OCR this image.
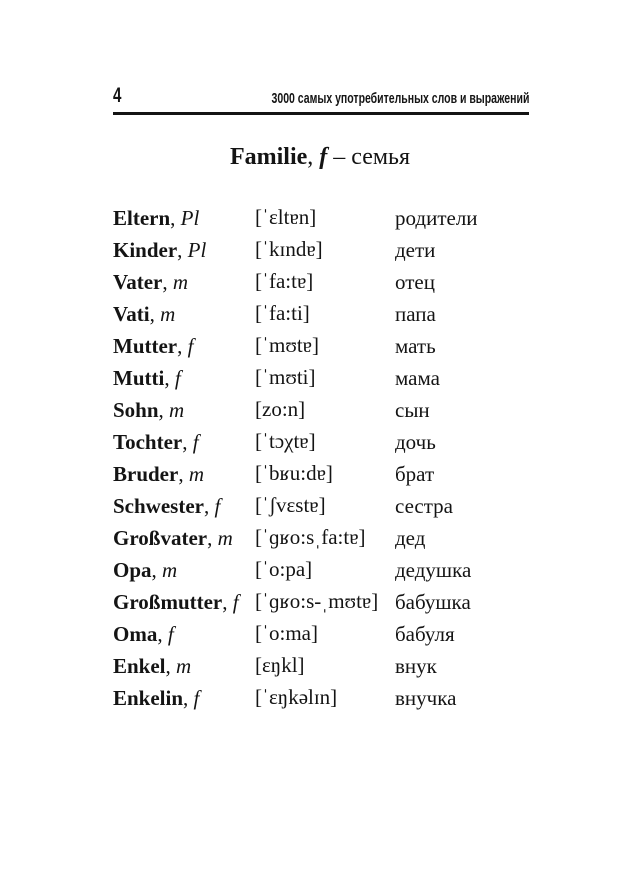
4	3000 самых употребительных слов и выражений
Familie, f – семья
Eltern, Pl	[ˈɛltɐn]	родители
Kinder, Pl	[ˈkɪndɐ]	дети
Vater, m	[ˈfa:tɐ]	отец
Vati, m	[ˈfa:ti]	папа
Mutter, f	[ˈmʊtɐ]	мать
Mutti, f	[ˈmʊti]	мама
Sohn, m	[zo:n]	сын
Tochter, f	[ˈtɔχtɐ]	дочь
Bruder, m	[ˈbʁu:dɐ]	брат
Schwester, f	[ˈʃvɛstɐ]	сестра
Großvater, m	[ˈɡʁo:sˌfa:tɐ]	дед
Opa, m	[ˈo:pa]	дедушка
Großmutter, f [ˈɡʁo:s-ˌmʊtɐ] бабушка
Oma, f	[ˈo:ma]	бабуля
Enkel, m	[ɛŋkl]	внук
Enkelin, f	[ˈɛŋkəlɪn]	внучка
